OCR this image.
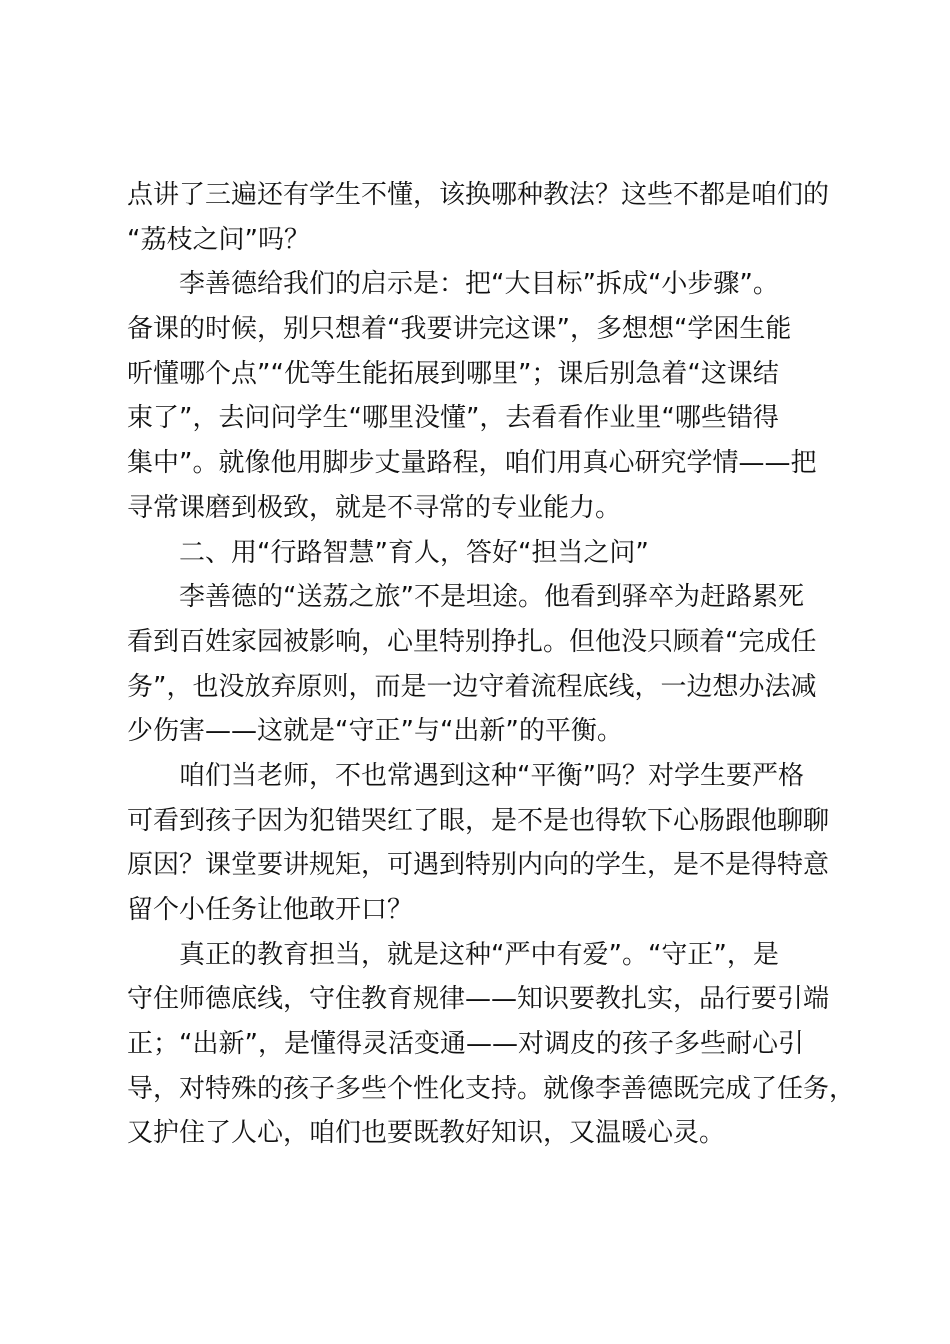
点讲了三遍还有学生不懂，该换哪种教法？这些不都是咱们的
“荔枝之问”吗？
李善德给我们的启示是：把“大目标”拆成“小步骤”。
备课的时候，别只想着“我要讲完这课”，多想想“学困生能
听懂哪个点”“优等生能拓展到哪里”；课后别急着“这课结
束了”，去问问学生“哪里没懂”，去看看作业里“哪些错得
集中”。就像他用脚步丈量路程，咱们用真心研究学情——把
寻常课磨到极致，就是不寻常的专业能力。
二、用“行路智慧”育人，答好“担当之问”
李善德的“送荔之旅”不是坦途。他看到驿卒为赶路累死
看到百姓家园被影响，心里特别挣扎。但他没只顾着“完成任
务”，也没放弃原则，而是一边守着流程底线，一边想办法减
少伤害——这就是“守正”与“出新”的平衡。
咱们当老师，不也常遇到这种“平衡”吗？对学生要严格
可看到孩子因为犯错哭红了眼，是不是也得软下心肠跟他聊聊
原因？课堂要讲规矩，可遇到特别内向的学生，是不是得特意
留个小任务让他敢开口？
真正的教育担当，就是这种“严中有爱”。“守正”，是
守住师德底线，守住教育规律——知识要教扎实，品行要引端
正；“出新”，是懂得灵活变通——对调皮的孩子多些耐心引
导，对特殊的孩子多些个性化支持。就像李善德既完成了任务，
又护住了人心，咱们也要既教好知识，又温暖心灵。
